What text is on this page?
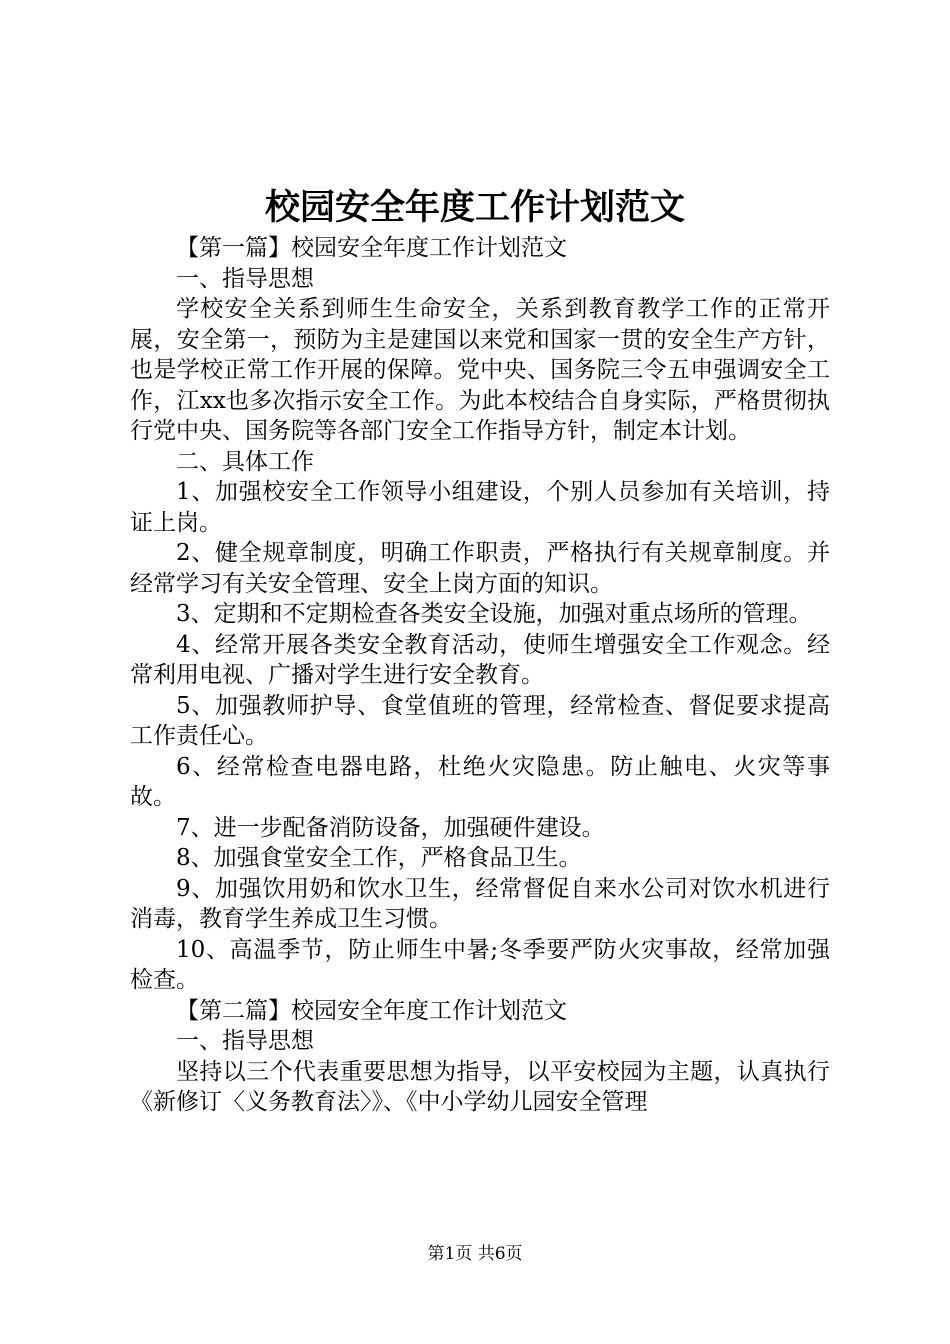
校园安全年度工作计划范文

【第一篇】校园安全年度工作计划范文

一、指导思想

学校安全关系到师生生命安全，关系到教育教学工作的正常开展，安全第一，预防为主是建国以来党和国家一贯的安全生产方针，也是学校正常工作开展的保障。党中央、国务院三令五申强调安全工作，江xx也多次指示安全工作。为此本校结合自身实际，严格贯彻执行党中央、国务院等各部门安全工作指导方针，制定本计划。

二、具体工作

1、加强校安全工作领导小组建设，个别人员参加有关培训，持证上岗。

2、健全规章制度，明确工作职责，严格执行有关规章制度。并经常学习有关安全管理、安全上岗方面的知识。

3、定期和不定期检查各类安全设施，加强对重点场所的管理。

4、经常开展各类安全教育活动，使师生增强安全工作观念。经常利用电视、广播对学生进行安全教育。

5、加强教师护导、食堂值班的管理，经常检查、督促要求提高工作责任心。

6、经常检查电器电路，杜绝火灾隐患。防止触电、火灾等事故。

7、进一步配备消防设备，加强硬件建设。

8、加强食堂安全工作，严格食品卫生。

9、加强饮用奶和饮水卫生，经常督促自来水公司对饮水机进行消毒，教育学生养成卫生习惯。

10、高温季节，防止师生中暑;冬季要严防火灾事故，经常加强检查。

【第二篇】校园安全年度工作计划范文

一、指导思想

坚持以三个代表重要思想为指导，以平安校园为主题，认真执行《新修订〈义务教育法〉》、《中小学幼儿园安全管理

第1页 共6页
